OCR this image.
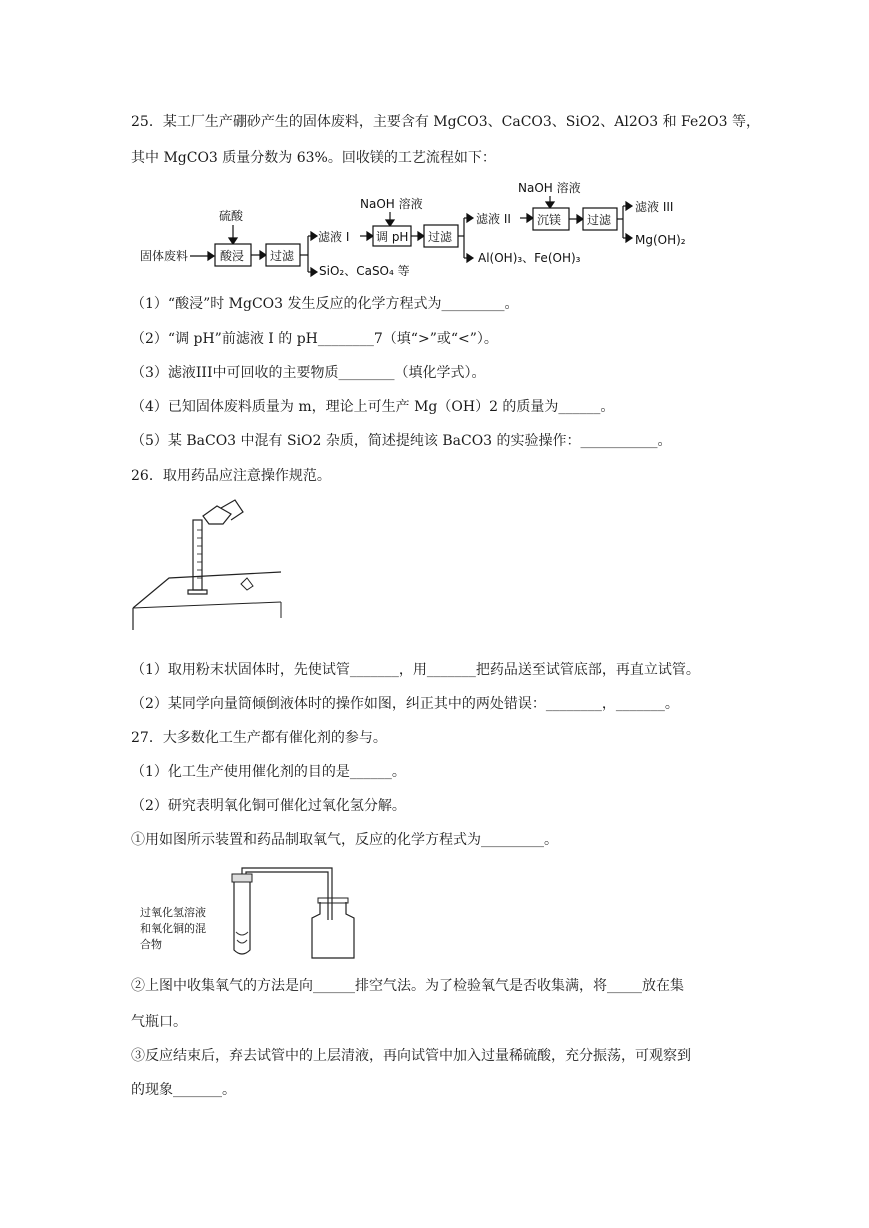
25．某工厂生产硼砂产生的固体废料，主要含有 MgCO3、CaCO3、SiO2、Al2O3 和 Fe2O3 等，
其中 MgCO3 质量分数为 63%。回收镁的工艺流程如下：
固体废料
硫酸
酸浸 过滤
SiO₂、CaSO₄ 等
滤液 I
NaOH 溶液
调 pH 过滤
Al(OH)₃、Fe(OH)₃
滤液 II
NaOH 溶液
沉镁 过滤
滤液 III
Mg(OH)₂
（1）“酸浸”时 MgCO3 发生反应的化学方程式为_________。
（2）“调 pH”前滤液 I 的 pH________7（填“>”或“<”）。
（3）滤液III中可回收的主要物质________（填化学式）。
（4）已知固体废料质量为 m，理论上可生产 Mg（OH）2 的质量为______。
（5）某 BaCO3 中混有 SiO2 杂质，简述提纯该 BaCO3 的实验操作：___________。
26．取用药品应注意操作规范。
（1）取用粉末状固体时，先使试管_______，用_______把药品送至试管底部，再直立试管。
（2）某同学向量筒倾倒液体时的操作如图，纠正其中的两处错误：________，_______。
27．大多数化工生产都有催化剂的参与。
（1）化工生产使用催化剂的目的是______。
（2）研究表明氧化铜可催化过氧化氢分解。
①用如图所示装置和药品制取氧气，反应的化学方程式为_________。
过氧化氢溶液
和氧化铜的混
合物
②上图中收集氧气的方法是向______排空气法。为了检验氧气是否收集满，将_____放在集
气瓶口。
③反应结束后，弃去试管中的上层清液，再向试管中加入过量稀硫酸，充分振荡，可观察到
的现象_______。
